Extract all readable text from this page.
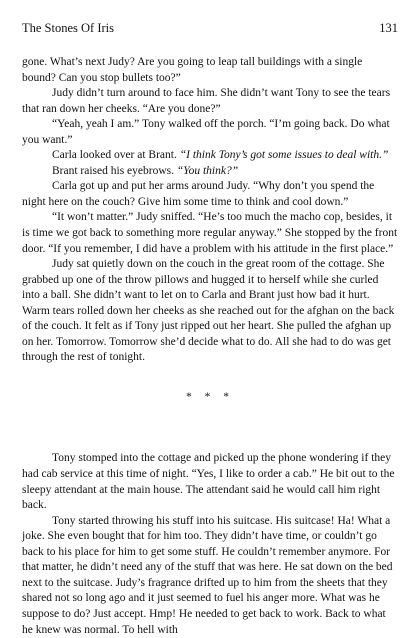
The Stones Of Iris	131

gone. What’s next Judy? Are you going to leap tall buildings with a single bound? Can you stop bullets too?”

Judy didn’t turn around to face him. She didn’t want Tony to see the tears that ran down her cheeks. “Are you done?”

“Yeah, yeah I am.” Tony walked off the porch. “I’m going back. Do what you want.”

Carla looked over at Brant. “I think Tony’s got some issues to deal with.”

Brant raised his eyebrows. “You think?”

Carla got up and put her arms around Judy. “Why don’t you spend the night here on the couch? Give him some time to think and cool down.”

“It won’t matter.” Judy sniffed. “He’s too much the macho cop, besides, it is time we got back to something more regular anyway.” She stopped by the front door. “If you remember, I did have a problem with his attitude in the first place.”

Judy sat quietly down on the couch in the great room of the cottage. She grabbed up one of the throw pillows and hugged it to herself while she curled into a ball. She didn’t want to let on to Carla and Brant just how bad it hurt. Warm tears rolled down her cheeks as she reached out for the afghan on the back of the couch. It felt as if Tony just ripped out her heart. She pulled the afghan up on her. Tomorrow. Tomorrow she’d decide what to do. All she had to do was get through the rest of tonight.

* * *

Tony stomped into the cottage and picked up the phone wondering if they had cab service at this time of night. “Yes, I like to order a cab.” He bit out to the sleepy attendant at the main house. The attendant said he would call him right back.

Tony started throwing his stuff into his suitcase. His suitcase! Ha! What a joke. She even bought that for him too. They didn’t have time, or couldn’t go back to his place for him to get some stuff. He couldn’t remember anymore. For that matter, he didn’t need any of the stuff that was here. He sat down on the bed next to the suitcase. Judy’s fragrance drifted up to him from the sheets that they shared not so long ago and it just seemed to fuel his anger more. What was he suppose to do? Just accept. Hmp! He needed to get back to work. Back to what he knew was normal. To hell with
